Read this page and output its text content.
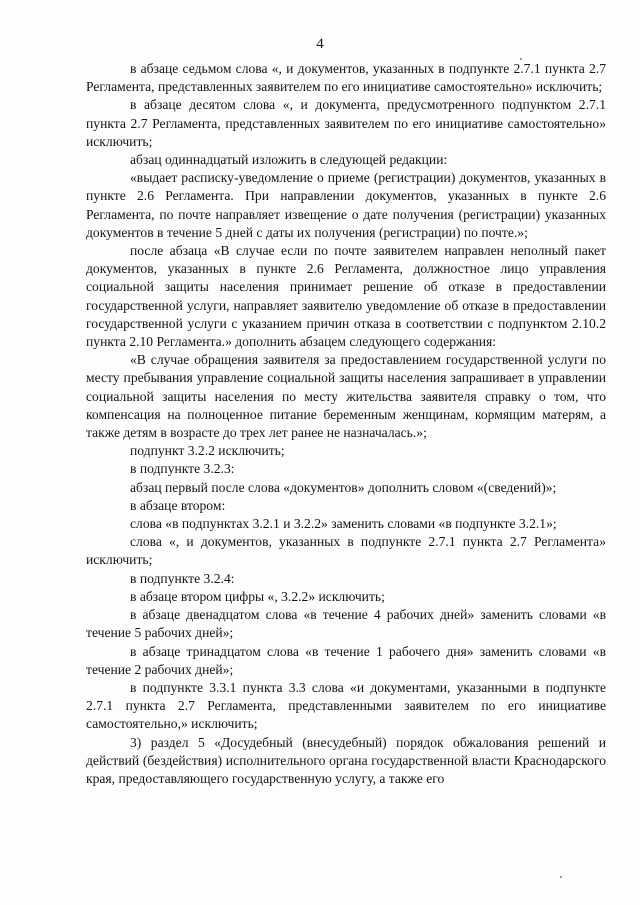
4

в абзаце седьмом слова «, и документов, указанных в подпункте 2.7.1 пункта 2.7 Регламента, представленных заявителем по его инициативе самостоятельно» исключить;

в абзаце десятом слова «, и документа, предусмотренного подпунктом 2.7.1 пункта 2.7 Регламента, представленных заявителем по его инициативе самостоятельно» исключить;

абзац одиннадцатый изложить в следующей редакции:

«выдает расписку-уведомление о приеме (регистрации) документов, указанных в пункте 2.6 Регламента. При направлении документов, указанных в пункте 2.6 Регламента, по почте направляет извещение о дате получения (регистрации) указанных документов в течение 5 дней с даты их получения (регистрации) по почте.»;

после абзаца «В случае если по почте заявителем направлен неполный пакет документов, указанных в пункте 2.6 Регламента, должностное лицо управления социальной защиты населения принимает решение об отказе в предоставлении государственной услуги, направляет заявителю уведомление об отказе в предоставлении государственной услуги с указанием причин отказа в соответствии с подпунктом 2.10.2 пункта 2.10 Регламента.» дополнить абзацем следующего содержания:

«В случае обращения заявителя за предоставлением государственной услуги по месту пребывания управление социальной защиты населения запрашивает в управлении социальной защиты населения по месту жительства заявителя справку о том, что компенсация на полноценное питание беременным женщинам, кормящим матерям, а также детям в возрасте до трех лет ранее не назначалась.»;

подпункт 3.2.2 исключить;

в подпункте 3.2.3:

абзац первый после слова «документов» дополнить словом «(сведений)»;

в абзаце втором:

слова «в подпунктах 3.2.1 и 3.2.2» заменить словами «в подпункте 3.2.1»;

слова «, и документов, указанных в подпункте 2.7.1 пункта 2.7 Регламента» исключить;

в подпункте 3.2.4:

в абзаце втором цифры «, 3.2.2» исключить;

в абзаце двенадцатом слова «в течение 4 рабочих дней» заменить словами «в течение 5 рабочих дней»;

в абзаце тринадцатом слова «в течение 1 рабочего дня» заменить словами «в течение 2 рабочих дней»;

в подпункте 3.3.1 пункта 3.3 слова «и документами, указанными в подпункте 2.7.1 пункта 2.7 Регламента, представленными заявителем по его инициативе самостоятельно,» исключить;

3) раздел 5 «Досудебный (внесудебный) порядок обжалования решений и действий (бездействия) исполнительного органа государственной власти Краснодарского края, предоставляющего государственную услугу, а также его
